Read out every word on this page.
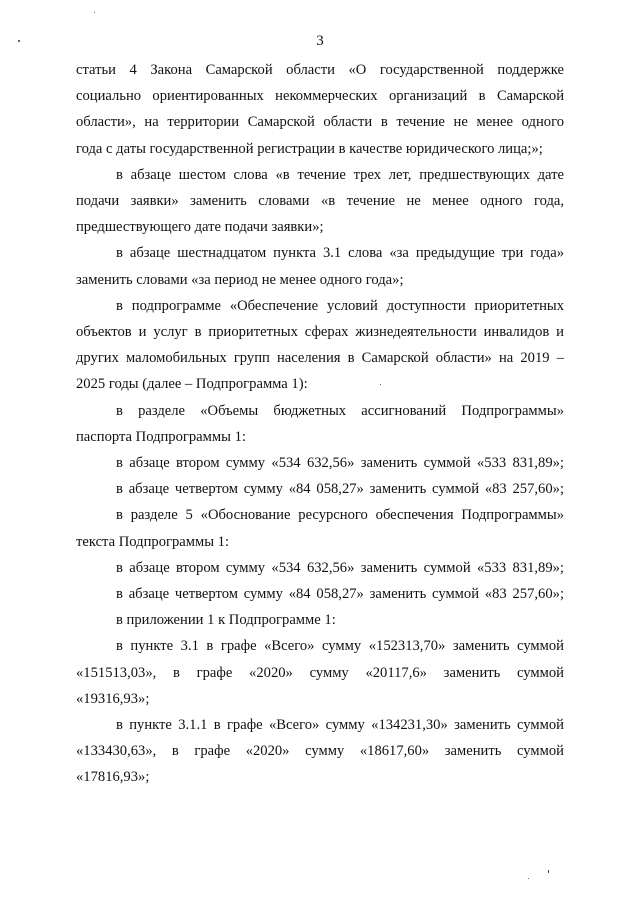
3

статьи 4 Закона Самарской области «О государственной поддержке
социально ориентированных некоммерческих организаций в Самарской
области», на территории Самарской области в течение не менее одного
года с даты государственной регистрации в качестве юридического лица;»;

в абзаце шестом слова «в течение трех лет, предшествующих дате
подачи заявки» заменить словами «в течение не менее одного года,
предшествующего дате подачи заявки»;

в абзаце шестнадцатом пункта 3.1 слова «за предыдущие три года»
заменить словами «за период не менее одного года»;

в подпрограмме «Обеспечение условий доступности приоритетных
объектов и услуг в приоритетных сферах жизнедеятельности инвалидов и
других маломобильных групп населения в Самарской области» на 2019 –
2025 годы (далее – Подпрограмма 1):

в разделе «Объемы бюджетных ассигнований Подпрограммы»
паспорта Подпрограммы 1:

в абзаце втором сумму «534 632,56» заменить суммой «533 831,89»;

в абзаце четвертом сумму «84 058,27» заменить суммой «83 257,60»;

в разделе 5 «Обоснование ресурсного обеспечения Подпрограммы»
текста Подпрограммы 1:

в абзаце втором сумму «534 632,56» заменить суммой «533 831,89»;

в абзаце четвертом сумму «84 058,27» заменить суммой «83 257,60»;

в приложении 1 к Подпрограмме 1:

в пункте 3.1 в графе «Всего» сумму «152313,70» заменить суммой
«151513,03», в графе «2020» сумму «20117,6» заменить суммой
«19316,93»;

в пункте 3.1.1 в графе «Всего» сумму «134231,30» заменить суммой
«133430,63», в графе «2020» сумму «18617,60» заменить суммой
«17816,93»;
